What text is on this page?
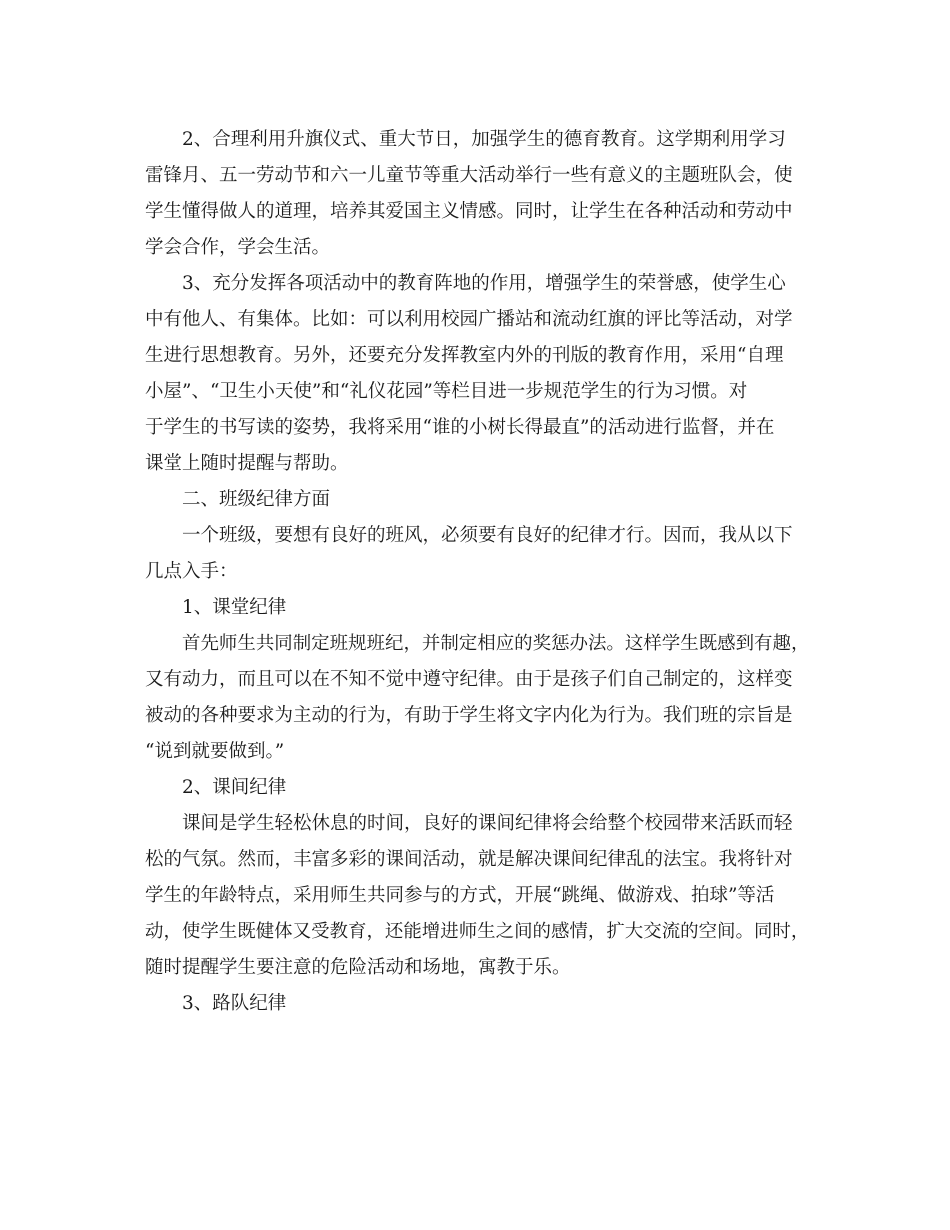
2、合理利用升旗仪式、重大节日，加强学生的德育教育。这学期利用学习
雷锋月、五一劳动节和六一儿童节等重大活动举行一些有意义的主题班队会，使
学生懂得做人的道理，培养其爱国主义情感。同时，让学生在各种活动和劳动中
学会合作，学会生活。
3、充分发挥各项活动中的教育阵地的作用，增强学生的荣誉感，使学生心
中有他人、有集体。比如：可以利用校园广播站和流动红旗的评比等活动，对学
生进行思想教育。另外，还要充分发挥教室内外的刊版的教育作用，采用“自理
小屋”、“卫生小天使”和“礼仪花园”等栏目进一步规范学生的行为习惯。对
于学生的书写读的姿势，我将采用“谁的小树长得最直”的活动进行监督，并在
课堂上随时提醒与帮助。
二、班级纪律方面
一个班级，要想有良好的班风，必须要有良好的纪律才行。因而，我从以下
几点入手：
1、课堂纪律
首先师生共同制定班规班纪，并制定相应的奖惩办法。这样学生既感到有趣，
又有动力，而且可以在不知不觉中遵守纪律。由于是孩子们自己制定的，这样变
被动的各种要求为主动的行为，有助于学生将文字内化为行为。我们班的宗旨是
“说到就要做到。”
2、课间纪律
课间是学生轻松休息的时间，良好的课间纪律将会给整个校园带来活跃而轻
松的气氛。然而，丰富多彩的课间活动，就是解决课间纪律乱的法宝。我将针对
学生的年龄特点，采用师生共同参与的方式，开展“跳绳、做游戏、拍球”等活
动，使学生既健体又受教育，还能增进师生之间的感情，扩大交流的空间。同时，
随时提醒学生要注意的危险活动和场地，寓教于乐。
3、路队纪律
